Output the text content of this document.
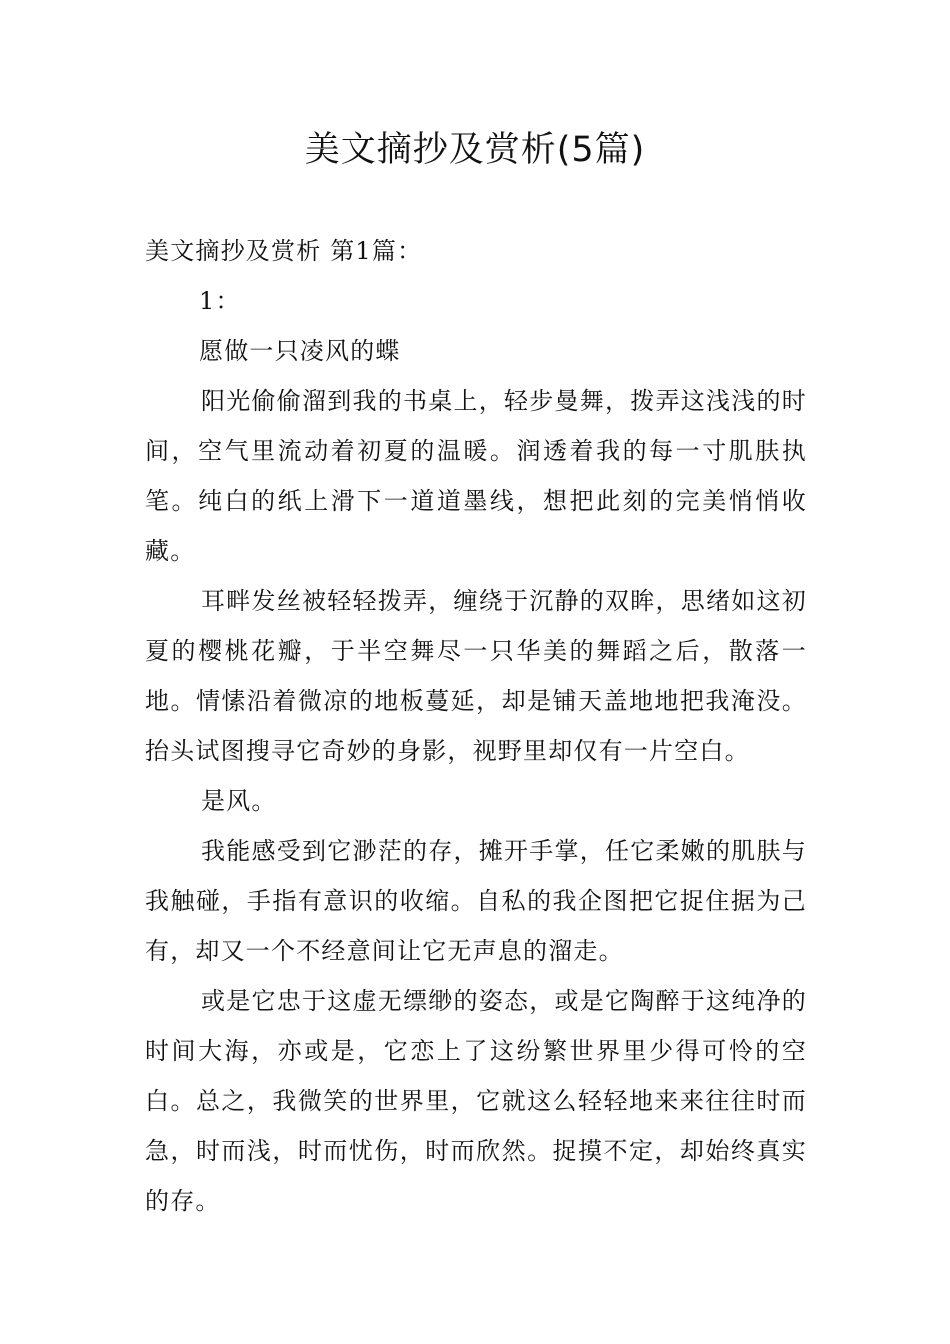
美文摘抄及赏析(5篇)

美文摘抄及赏析 第1篇：

1：

愿做一只凌风的蝶

阳光偷偷溜到我的书桌上，轻步曼舞，拨弄这浅浅的时间，空气里流动着初夏的温暖。润透着我的每一寸肌肤执笔。纯白的纸上滑下一道道墨线，想把此刻的完美悄悄收藏。

耳畔发丝被轻轻拨弄，缠绕于沉静的双眸，思绪如这初夏的樱桃花瓣，于半空舞尽一只华美的舞蹈之后，散落一地。情愫沿着微凉的地板蔓延，却是铺天盖地地把我淹没。抬头试图搜寻它奇妙的身影，视野里却仅有一片空白。

是风。

我能感受到它渺茫的存，摊开手掌，任它柔嫩的肌肤与我触碰，手指有意识的收缩。自私的我企图把它捉住据为己有，却又一个不经意间让它无声息的溜走。

或是它忠于这虚无缥缈的姿态，或是它陶醉于这纯净的时间大海，亦或是，它恋上了这纷繁世界里少得可怜的空白。总之，我微笑的世界里，它就这么轻轻地来来往往时而急，时而浅，时而忧伤，时而欣然。捉摸不定，却始终真实的存。
